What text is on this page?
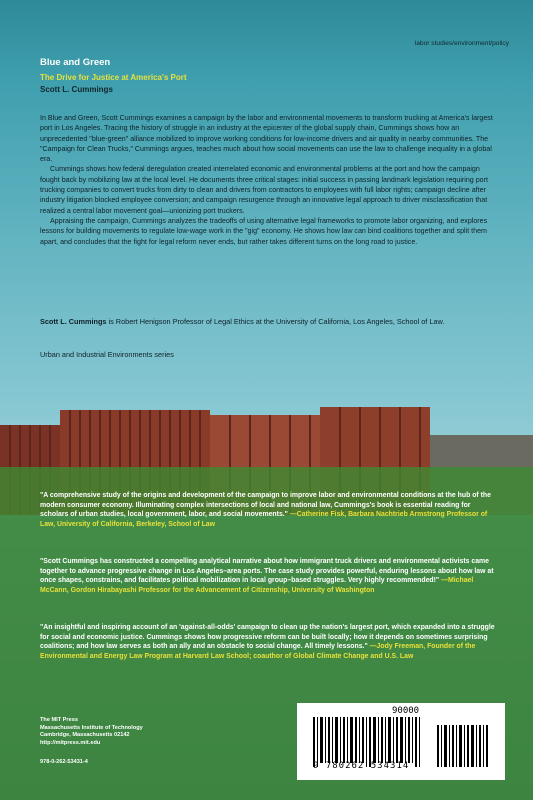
labor studies/environment/policy
Blue and Green
The Drive for Justice at America's Port
Scott L. Cummings

In Blue and Green, Scott Cummings examines a campaign by the labor and environmental movements to transform trucking at America's largest port in Los Angeles. Tracing the history of struggle in an industry at the epicenter of the global supply chain, Cummings shows how an unprecedented "blue-green" alliance mobilized to improve working conditions for low-income drivers and air quality in nearby communities. The "Campaign for Clean Trucks," Cummings argues, teaches much about how social movements can use the law to challenge inequality in a global era.

Cummings shows how federal deregulation created interrelated economic and environmental problems at the port and how the campaign fought back by mobilizing law at the local level. He documents three critical stages: initial success in passing landmark legislation requiring port trucking companies to convert trucks from dirty to clean and drivers from contractors to employees with full labor rights; campaign decline after industry litigation blocked employee conversion; and campaign resurgence through an innovative legal approach to driver misclassification that realized a central labor movement goal—unionizing port truckers.

Appraising the campaign, Cummings analyzes the tradeoffs of using alternative legal frameworks to promote labor organizing, and explores lessons for building movements to regulate low-wage work in the "gig" economy. He shows how law can bind coalitions together and split them apart, and concludes that the fight for legal reform never ends, but rather takes different turns on the long road to justice.

Scott L. Cummings is Robert Henigson Professor of Legal Ethics at the University of California, Los Angeles, School of Law.
Urban and Industrial Environments series
"A comprehensive study of the origins and development of the campaign to improve labor and environmental conditions at the hub of the modern consumer economy. Illuminating complex intersections of local and national law, Cummings's book is essential reading for scholars of urban studies, local government, labor, and social movements." —Catherine Fisk, Barbara Nachtrieb Armstrong Professor of Law, University of California, Berkeley, School of Law
"Scott Cummings has constructed a compelling analytical narrative about how immigrant truck drivers and environmental activists came together to advance progressive change in Los Angeles–area ports. The case study provides powerful, enduring lessons about how law at once shapes, constrains, and facilitates political mobilization in local group–based struggles. Very highly recommended!" —Michael McCann, Gordon Hirabayashi Professor for the Advancement of Citizenship, University of Washington
"An insightful and inspiring account of an 'against-all-odds' campaign to clean up the nation's largest port, which expanded into a struggle for social and economic justice. Cummings shows how progressive reform can be built locally; how it depends on sometimes surprising coalitions; and how law serves as both an ally and an obstacle to social change. All timely lessons." —Jody Freeman, Founder of the Environmental and Energy Law Program at Harvard Law School; coauthor of Global Climate Change and U.S. Law
The MIT Press
Massachusetts Institute of Technology
Cambridge, Massachusetts 02142
http://mitpress.mit.edu
978-0-262-53431-4
90000
9 780262 534314
